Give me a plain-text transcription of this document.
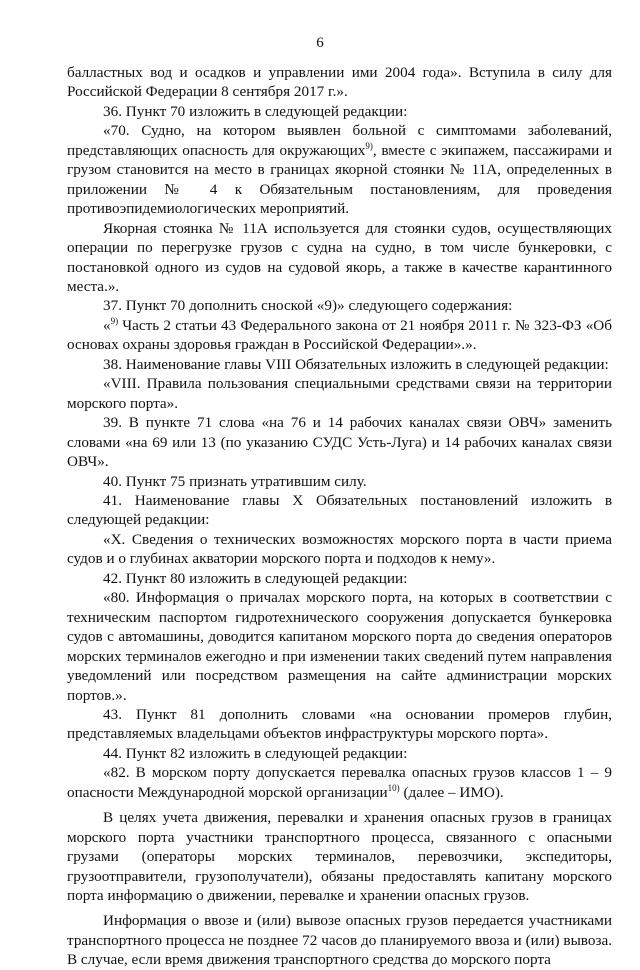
6

балластных вод и осадков и управлении ими 2004 года». Вступила в силу для Российской Федерации 8 сентября 2017 г.».

36. Пункт 70 изложить в следующей редакции:

«70. Судно, на котором выявлен больной с симптомами заболеваний, представляющих опасность для окружающих$^{9)}$, вместе с экипажем, пассажирами и грузом становится на место в границах якорной стоянки № 11А, определенных в приложении № 4 к Обязательным постановлениям, для проведения противоэпидемиологических мероприятий.

Якорная стоянка № 11А используется для стоянки судов, осуществляющих операции по перегрузке грузов с судна на судно, в том числе бункеровки, с постановкой одного из судов на судовой якорь, а также в качестве карантинного места.».

37. Пункт 70 дополнить сноской «9)» следующего содержания:

«$^{9)}$ Часть 2 статьи 43 Федерального закона от 21 ноября 2011 г. № 323-ФЗ «Об основах охраны здоровья граждан в Российской Федерации».».

38. Наименование главы VIII Обязательных изложить в следующей редакции:

«VIII. Правила пользования специальными средствами связи на территории морского порта».

39. В пункте 71 слова «на 76 и 14 рабочих каналах связи ОВЧ» заменить словами «на 69 или 13 (по указанию СУДС Усть-Луга) и 14 рабочих каналах связи ОВЧ».

40. Пункт 75 признать утратившим силу.

41. Наименование главы X Обязательных постановлений изложить в следующей редакции:

«X. Сведения о технических возможностях морского порта в части приема судов и о глубинах акватории морского порта и подходов к нему».

42. Пункт 80 изложить в следующей редакции:

«80. Информация о причалах морского порта, на которых в соответствии с техническим паспортом гидротехнического сооружения допускается бункеровка судов с автомашины, доводится капитаном морского порта до сведения операторов морских терминалов ежегодно и при изменении таких сведений путем направления уведомлений или посредством размещения на сайте администрации морских портов.».

43. Пункт 81 дополнить словами «на основании промеров глубин, представляемых владельцами объектов инфраструктуры морского порта».

44. Пункт 82 изложить в следующей редакции:

«82. В морском порту допускается перевалка опасных грузов классов 1 – 9 опасности Международной морской организации$^{10)}$ (далее – ИМО).

В целях учета движения, перевалки и хранения опасных грузов в границах морского порта участники транспортного процесса, связанного с опасными грузами (операторы морских терминалов, перевозчики, экспедиторы, грузоотправители, грузополучатели), обязаны предоставлять капитану морского порта информацию о движении, перевалке и хранении опасных грузов.

Информация о ввозе и (или) вывозе опасных грузов передается участниками транспортного процесса не позднее 72 часов до планируемого ввоза и (или) вывоза. В случае, если время движения транспортного средства до морского порта
